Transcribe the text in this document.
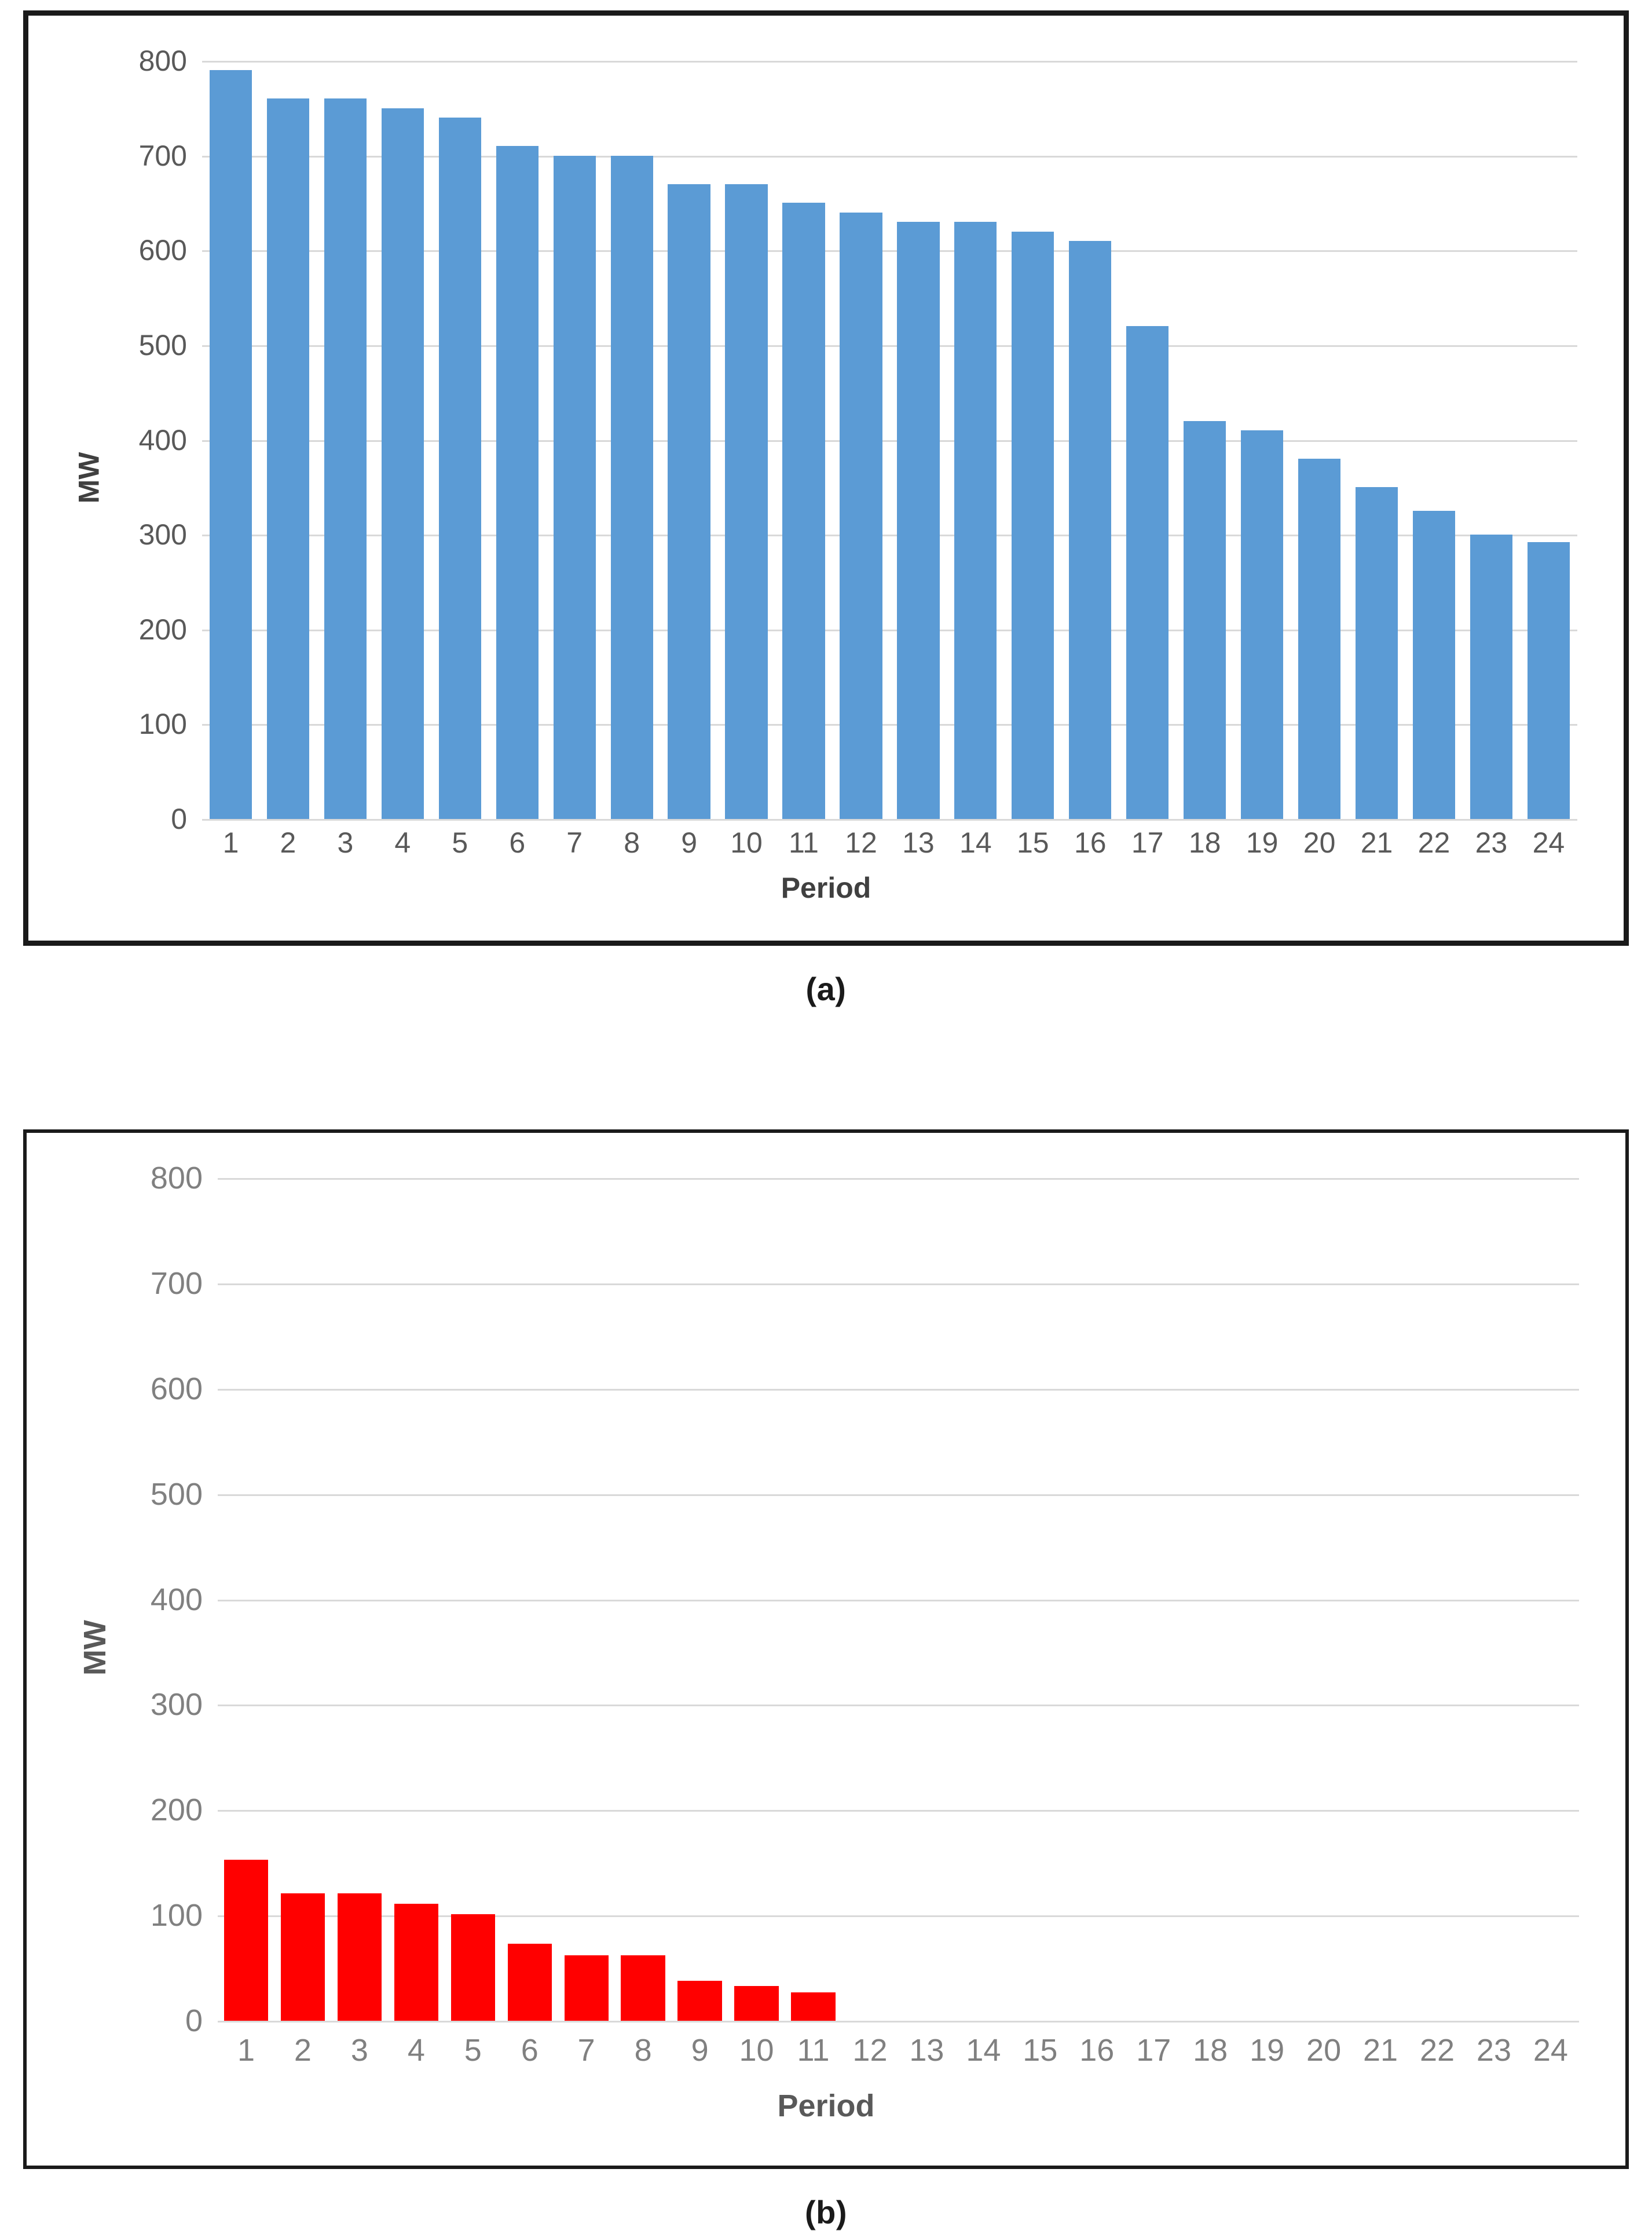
MW
0
100
200
300
400
500
600
700
800
1	2	3	4	5	6	7	8	9	10 11 12 13 14 15 16 17 18 19 20 21 22 23 24
Period
(a)
MW
0
100
200
300
400
500
600
700
800
1	2	3	4	5	6	7	8	9 10 11 12 13 14 15 16 17 18 19 20 21 22 23 24
Period
(b)
